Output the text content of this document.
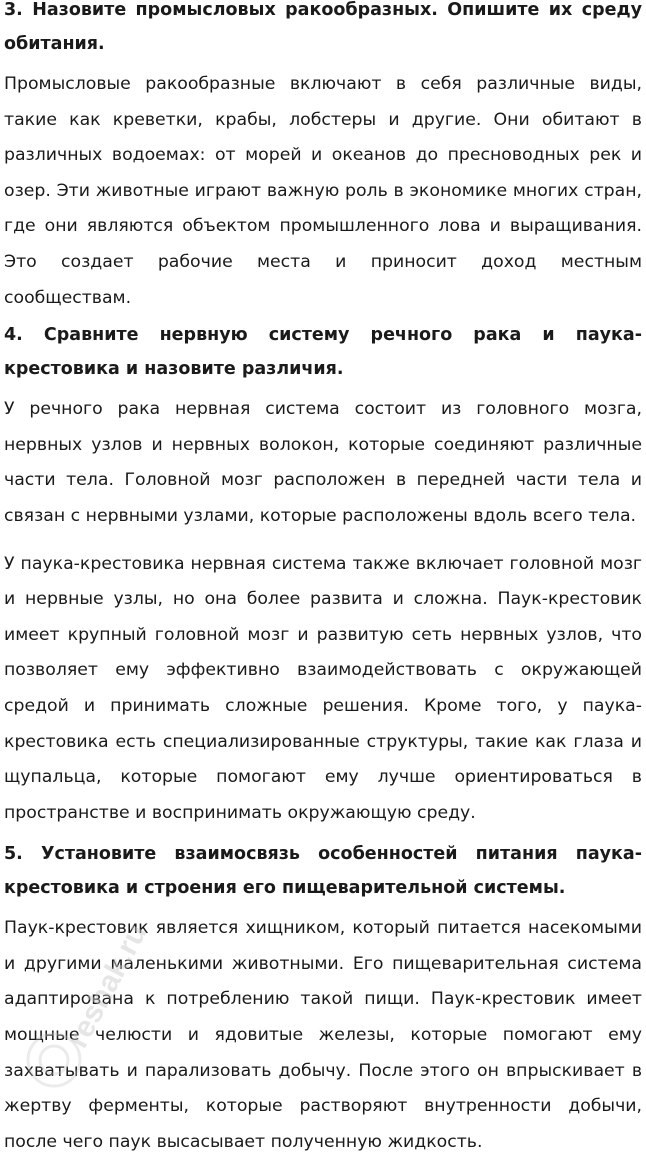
3. Назовите промысловых ракообразных. Опишите их среду обитания.

Промысловые ракообразные включают в себя различные виды, такие как креветки, крабы, лобстеры и другие. Они обитают в различных водоемах: от морей и океанов до пресноводных рек и озер. Эти животные играют важную роль в экономике многих стран, где они являются объектом промышленного лова и выращивания. Это создает рабочие места и приносит доход местным сообществам.

4. Сравните нервную систему речного рака и паука-крестовика и назовите различия.

У речного рака нервная система состоит из головного мозга, нервных узлов и нервных волокон, которые соединяют различные части тела. Головной мозг расположен в передней части тела и связан с нервными узлами, которые расположены вдоль всего тела.

У паука-крестовика нервная система также включает головной мозг и нервные узлы, но она более развита и сложна. Паук-крестовик имеет крупный головной мозг и развитую сеть нервных узлов, что позволяет ему эффективно взаимодействовать с окружающей средой и принимать сложные решения. Кроме того, у паука-крестовика есть специализированные структуры, такие как глаза и щупальца, которые помогают ему лучше ориентироваться в пространстве и воспринимать окружающую среду.

5. Установите взаимосвязь особенностей питания паука-крестовика и строения его пищеварительной системы.

Паук-крестовик является хищником, который питается насекомыми и другими маленькими животными. Его пищеварительная система адаптирована к потреблению такой пищи. Паук-крестовик имеет мощные челюсти и ядовитые железы, которые помогают ему захватывать и парализовать добычу. После этого он впрыскивает в жертву ферменты, которые растворяют внутренности добычи, после чего паук высасывает полученную жидкость.

reshak.ru
